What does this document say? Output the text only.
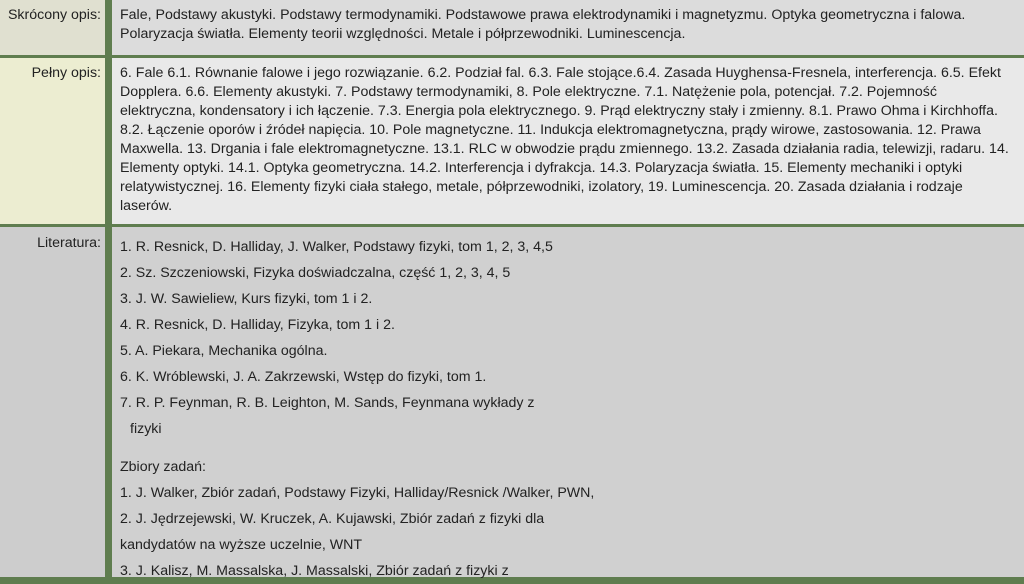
Skrócony opis:	Fale, Podstawy akustyki. Podstawy termodynamiki. Podstawowe prawa elektrodynamiki i magnetyzmu. Optyka geometryczna i falowa. Polaryzacja światła. Elementy teorii względności. Metale i półprzewodniki. Luminescencja.
Pełny opis:	6. Fale 6.1. Równanie falowe i jego rozwiązanie. 6.2. Podział fal. 6.3. Fale stojące.6.4. Zasada Huyghensa-Fresnela, interferencja. 6.5. Efekt Dopplera. 6.6. Elementy akustyki. 7. Podstawy termodynamiki, 8. Pole elektryczne. 7.1. Natężenie pola, potencjał. 7.2. Pojemność elektryczna, kondensatory i ich łączenie. 7.3. Energia pola elektrycznego. 9. Prąd elektryczny stały i zmienny. 8.1. Prawo Ohma i Kirchhoffa. 8.2. Łączenie oporów i źródeł napięcia. 10. Pole magnetyczne. 11. Indukcja elektromagnetyczna, prądy wirowe, zastosowania. 12. Prawa Maxwella. 13. Drgania i fale elektromagnetyczne. 13.1. RLC w obwodzie prądu zmiennego. 13.2. Zasada działania radia, telewizji, radaru. 14. Elementy optyki. 14.1. Optyka geometryczna. 14.2. Interferencja i dyfrakcja. 14.3. Polaryzacja światła. 15. Elementy mechaniki i optyki relatywistycznej. 16. Elementy fizyki ciała stałego, metale, półprzewodniki, izolatory, 19. Luminescencja. 20. Zasada działania i rodzaje laserów.
Literatura: 1. R. Resnick, D. Halliday, J. Walker, Podstawy fizyki, tom 1, 2, 3, 4,5

2. Sz. Szczeniowski, Fizyka doświadczalna, część 1, 2, 3, 4, 5

3. J. W. Sawieliew, Kurs fizyki, tom 1 i 2.

4. R. Resnick, D. Halliday, Fizyka, tom 1 i 2.

5. A. Piekara, Mechanika ogólna.

6. K. Wróblewski, J. A. Zakrzewski, Wstęp do fizyki, tom 1.

7. R. P. Feynman, R. B. Leighton, M. Sands, Feynmana wykłady z

fizyki

Zbiory zadań:

1. J. Walker, Zbiór zadań, Podstawy Fizyki, Halliday/Resnick /Walker, PWN,

2. J. Jędrzejewski, W. Kruczek, A. Kujawski, Zbiór zadań z fizyki dla

kandydatów na wyższe uczelnie, WNT

3. J. Kalisz, M. Massalska, J. Massalski, Zbiór zadań z fizyki z
